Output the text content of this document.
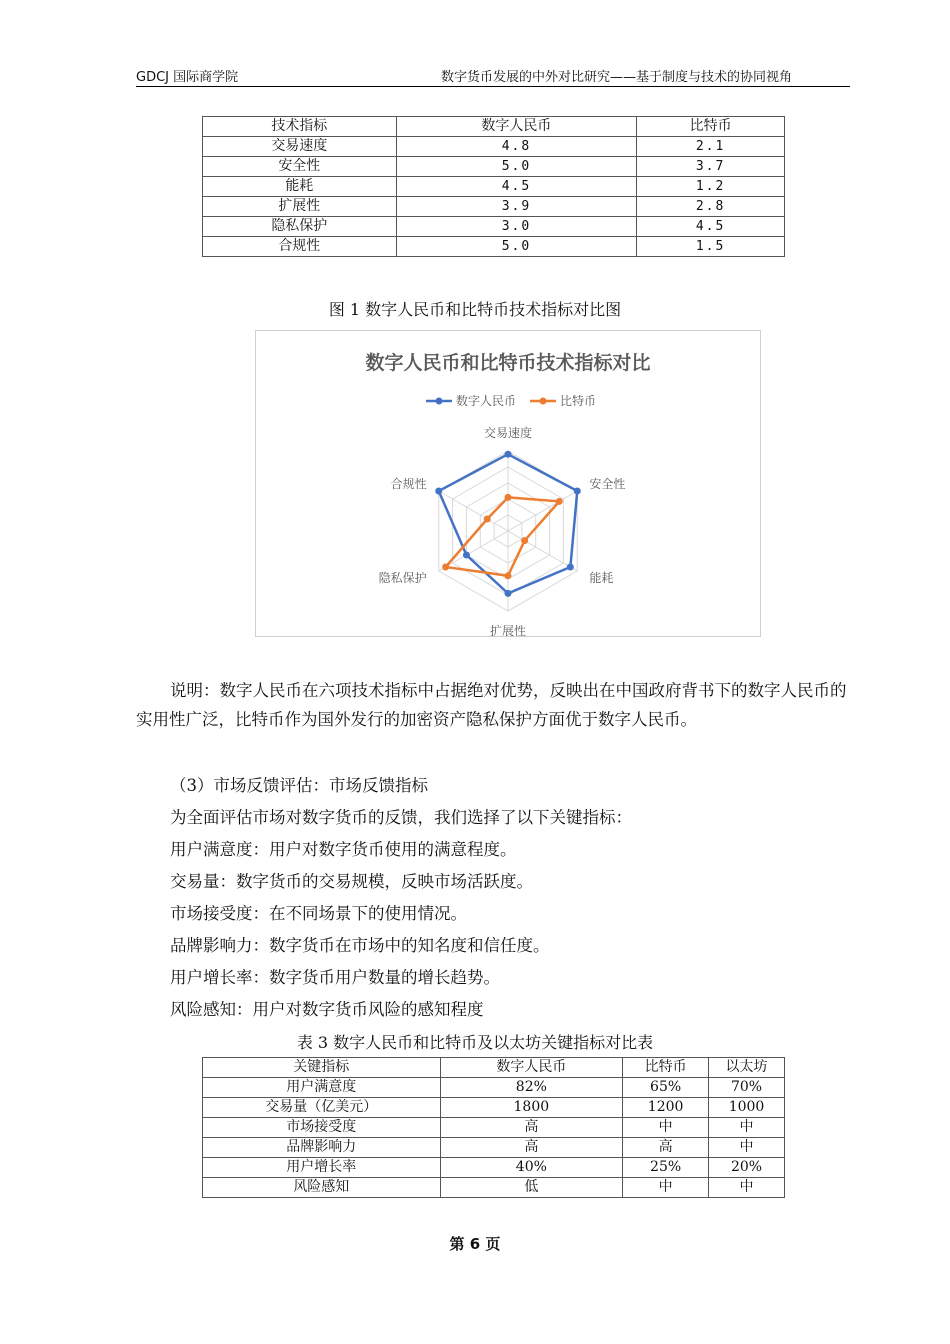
GDCJ 国际商学院	数字货币发展的中外对比研究——基于制度与技术的协同视角
技术指标	数字人民币	比特币
交易速度	4.8	2.1
安全性	5.0	3.7
能耗	4.5	1.2
扩展性	3.9	2.8
隐私保护	3.0	4.5
合规性	5.0	1.5
图 1 数字人民币和比特币技术指标对比图
数字人民币和比特币技术指标对比
数字人民币	比特币
交易速度
安全性
能耗
扩展性
隐私保护
合规性
说明：数字人民币在六项技术指标中占据绝对优势，反映出在中国政府背书下的数字人民币的实用性广泛，比特币作为国外发行的加密资产隐私保护方面优于数字人民币。
（3）市场反馈评估：市场反馈指标
为全面评估市场对数字货币的反馈，我们选择了以下关键指标：
用户满意度：用户对数字货币使用的满意程度。
交易量：数字货币的交易规模，反映市场活跃度。
市场接受度：在不同场景下的使用情况。
品牌影响力：数字货币在市场中的知名度和信任度。
用户增长率：数字货币用户数量的增长趋势。
风险感知：用户对数字货币风险的感知程度
表 3 数字人民币和比特币及以太坊关键指标对比表
关键指标	数字人民币	比特币	以太坊
用户满意度	82%	65%	70%
交易量（亿美元）	1800	1200	1000
市场接受度	高	中	中
品牌影响力	高	高	中
用户增长率	40%	25%	20%
风险感知	低	中	中
第 6 页
